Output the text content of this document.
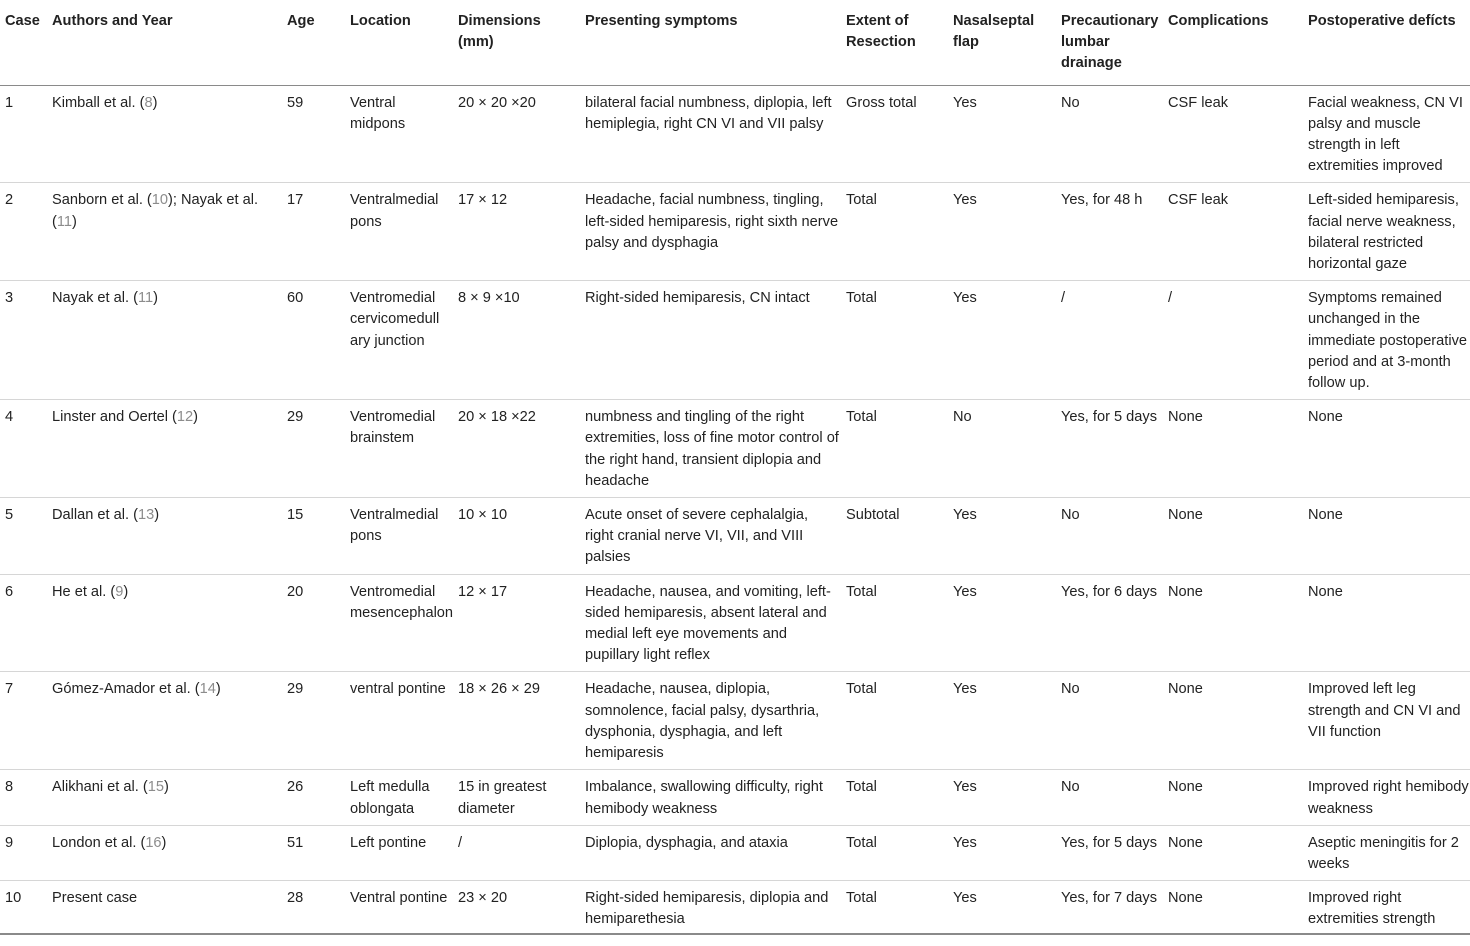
Case	Authors and Year	Age	Location	Dimensions (mm)	Presenting symptoms	Extent of Resection	Nasalseptal flap	Precautionary lumbar drainage	Complications	Postoperative defícts
1	Kimball et al. (8)	59	Ventral midpons	20 × 20 ×20	bilateral facial numbness, diplopia, left hemiplegia, right CN VI and VII palsy	Gross total	Yes	No	CSF leak	Facial weakness, CN VI palsy and muscle strength in left extremities improved
2	Sanborn et al. (10); Nayak et al. (11)	17	Ventralmedial pons	17 × 12	Headache, facial numbness, tingling, left-sided hemiparesis, right sixth nerve palsy and dysphagia	Total	Yes	Yes, for 48 h	CSF leak	Left-sided hemiparesis, facial nerve weakness, bilateral restricted horizontal gaze
3	Nayak et al. (11)	60	Ventromedial cervicomedull ary junction	8 × 9 ×10	Right-sided hemiparesis, CN intact	Total	Yes	/	/	Symptoms remained unchanged in the immediate postoperative period and at 3-month follow up.
4	Linster and Oertel (12)	29	Ventromedial brainstem	20 × 18 ×22	numbness and tingling of the right extremities, loss of fine motor control of the right hand, transient diplopia and headache	Total	No	Yes, for 5 days	None	None
5	Dallan et al. (13)	15	Ventralmedial pons	10 × 10	Acute onset of severe cephalalgia, right cranial nerve VI, VII, and VIII palsies	Subtotal	Yes	No	None	None
6	He et al. (9)	20	Ventromedial mesencephalon	12 × 17	Headache, nausea, and vomiting, left-sided hemiparesis, absent lateral and medial left eye movements and pupillary light reflex	Total	Yes	Yes, for 6 days	None	None
7	Gómez-Amador et al. (14)	29	ventral pontine	18 × 26 × 29	Headache, nausea, diplopia, somnolence, facial palsy, dysarthria, dysphonia, dysphagia, and left hemiparesis	Total	Yes	No	None	Improved left leg strength and CN VI and VII function
8	Alikhani et al. (15)	26	Left medulla oblongata	15 in greatest diameter	Imbalance, swallowing difficulty, right hemibody weakness	Total	Yes	No	None	Improved right hemibody weakness
9	London et al. (16)	51	Left pontine	/	Diplopia, dysphagia, and ataxia	Total	Yes	Yes, for 5 days	None	Aseptic meningitis for 2 weeks
10	Present case	28	Ventral pontine	23 × 20	Right-sided hemiparesis, diplopia and hemiparethesia	Total	Yes	Yes, for 7 days	None	Improved right extremities strength
